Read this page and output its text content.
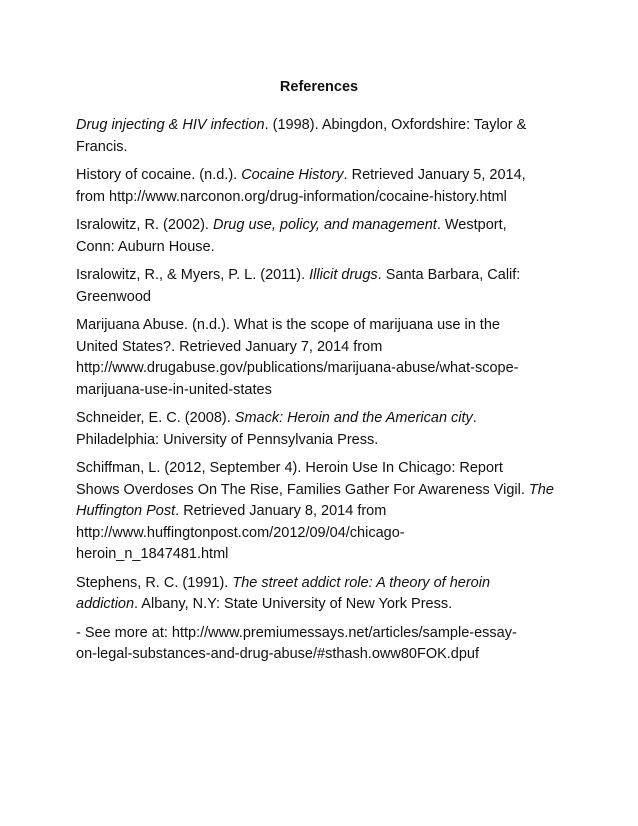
References
Drug injecting & HIV infection. (1998). Abingdon, Oxfordshire: Taylor &
Francis.
History of cocaine. (n.d.). Cocaine History. Retrieved January 5, 2014,
from http://www.narconon.org/drug-information/cocaine-history.html
Isralowitz, R. (2002). Drug use, policy, and management. Westport,
Conn: Auburn House.
Isralowitz, R., & Myers, P. L. (2011). Illicit drugs. Santa Barbara, Calif:
Greenwood
Marijuana Abuse. (n.d.). What is the scope of marijuana use in the
United States?. Retrieved January 7, 2014 from
http://www.drugabuse.gov/publications/marijuana-abuse/what-scope-
marijuana-use-in-united-states
Schneider, E. C. (2008). Smack: Heroin and the American city.
Philadelphia: University of Pennsylvania Press.
Schiffman, L. (2012, September 4). Heroin Use In Chicago: Report
Shows Overdoses On The Rise, Families Gather For Awareness Vigil. The
Huffington Post. Retrieved January 8, 2014 from
http://www.huffingtonpost.com/2012/09/04/chicago-
heroin_n_1847481.html
Stephens, R. C. (1991). The street addict role: A theory of heroin
addiction. Albany, N.Y: State University of New York Press.
- See more at: http://www.premiumessays.net/articles/sample-essay-
on-legal-substances-and-drug-abuse/#sthash.oww80FOK.dpuf
